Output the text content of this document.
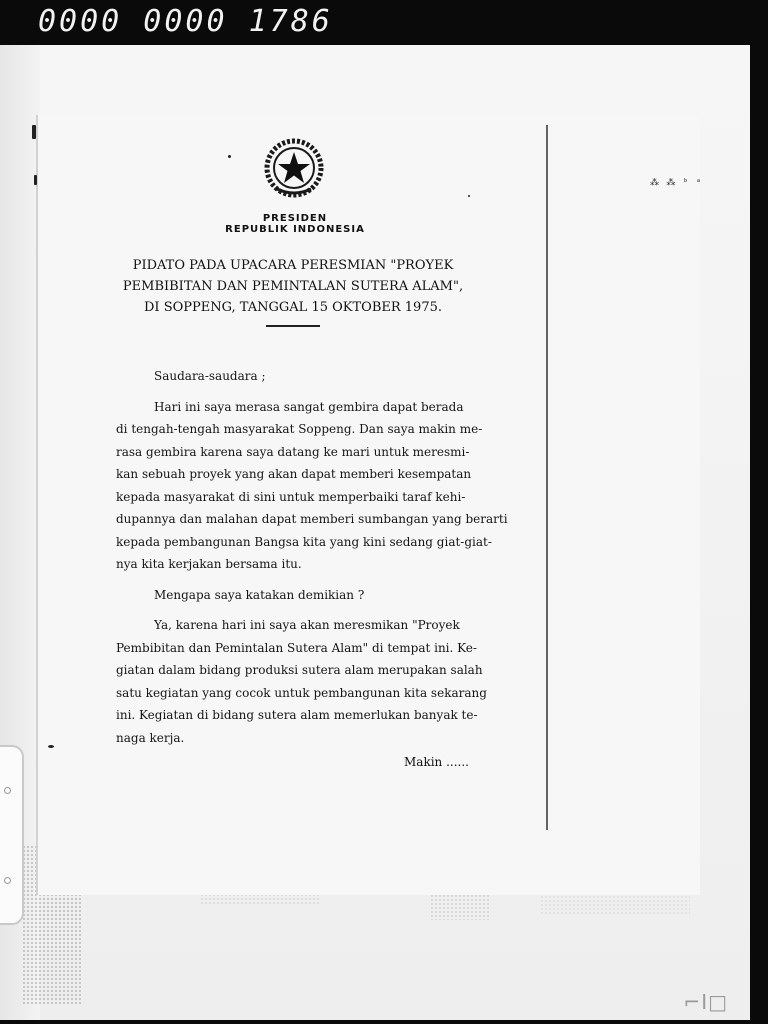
0000 0000 1786
PRESIDEN
REPUBLIK INDONESIA
PIDATO PADA UPACARA PERESMIAN "PROYEK
PEMBIBITAN DAN PEMINTALAN SUTERA ALAM",
DI SOPPENG, TANGGAL 15 OKTOBER 1975.

Saudara-saudara ;

Hari ini saya merasa sangat gembira dapat berada
di tengah-tengah masyarakat Soppeng. Dan saya makin me-
rasa gembira karena saya datang ke mari untuk meresmi-
kan sebuah proyek yang akan dapat memberi kesempatan
kepada masyarakat di sini untuk memperbaiki taraf kehi-
dupannya dan malahan dapat memberi sumbangan yang berarti
kepada pembangunan Bangsa kita yang kini sedang giat-giat-
nya kita kerjakan bersama itu.

Mengapa saya katakan demikian ?

Ya, karena hari ini saya akan meresmikan "Proyek
Pembibitan dan Pemintalan Sutera Alam" di tempat ini. Ke-
giatan dalam bidang produksi sutera alam merupakan salah
satu kegiatan yang cocok untuk pembangunan kita sekarang
ini. Kegiatan di bidang sutera alam memerlukan banyak te-
naga kerja.

Makin ......
⁂ ⁂ ᵇ ᵃ
⌐I□
